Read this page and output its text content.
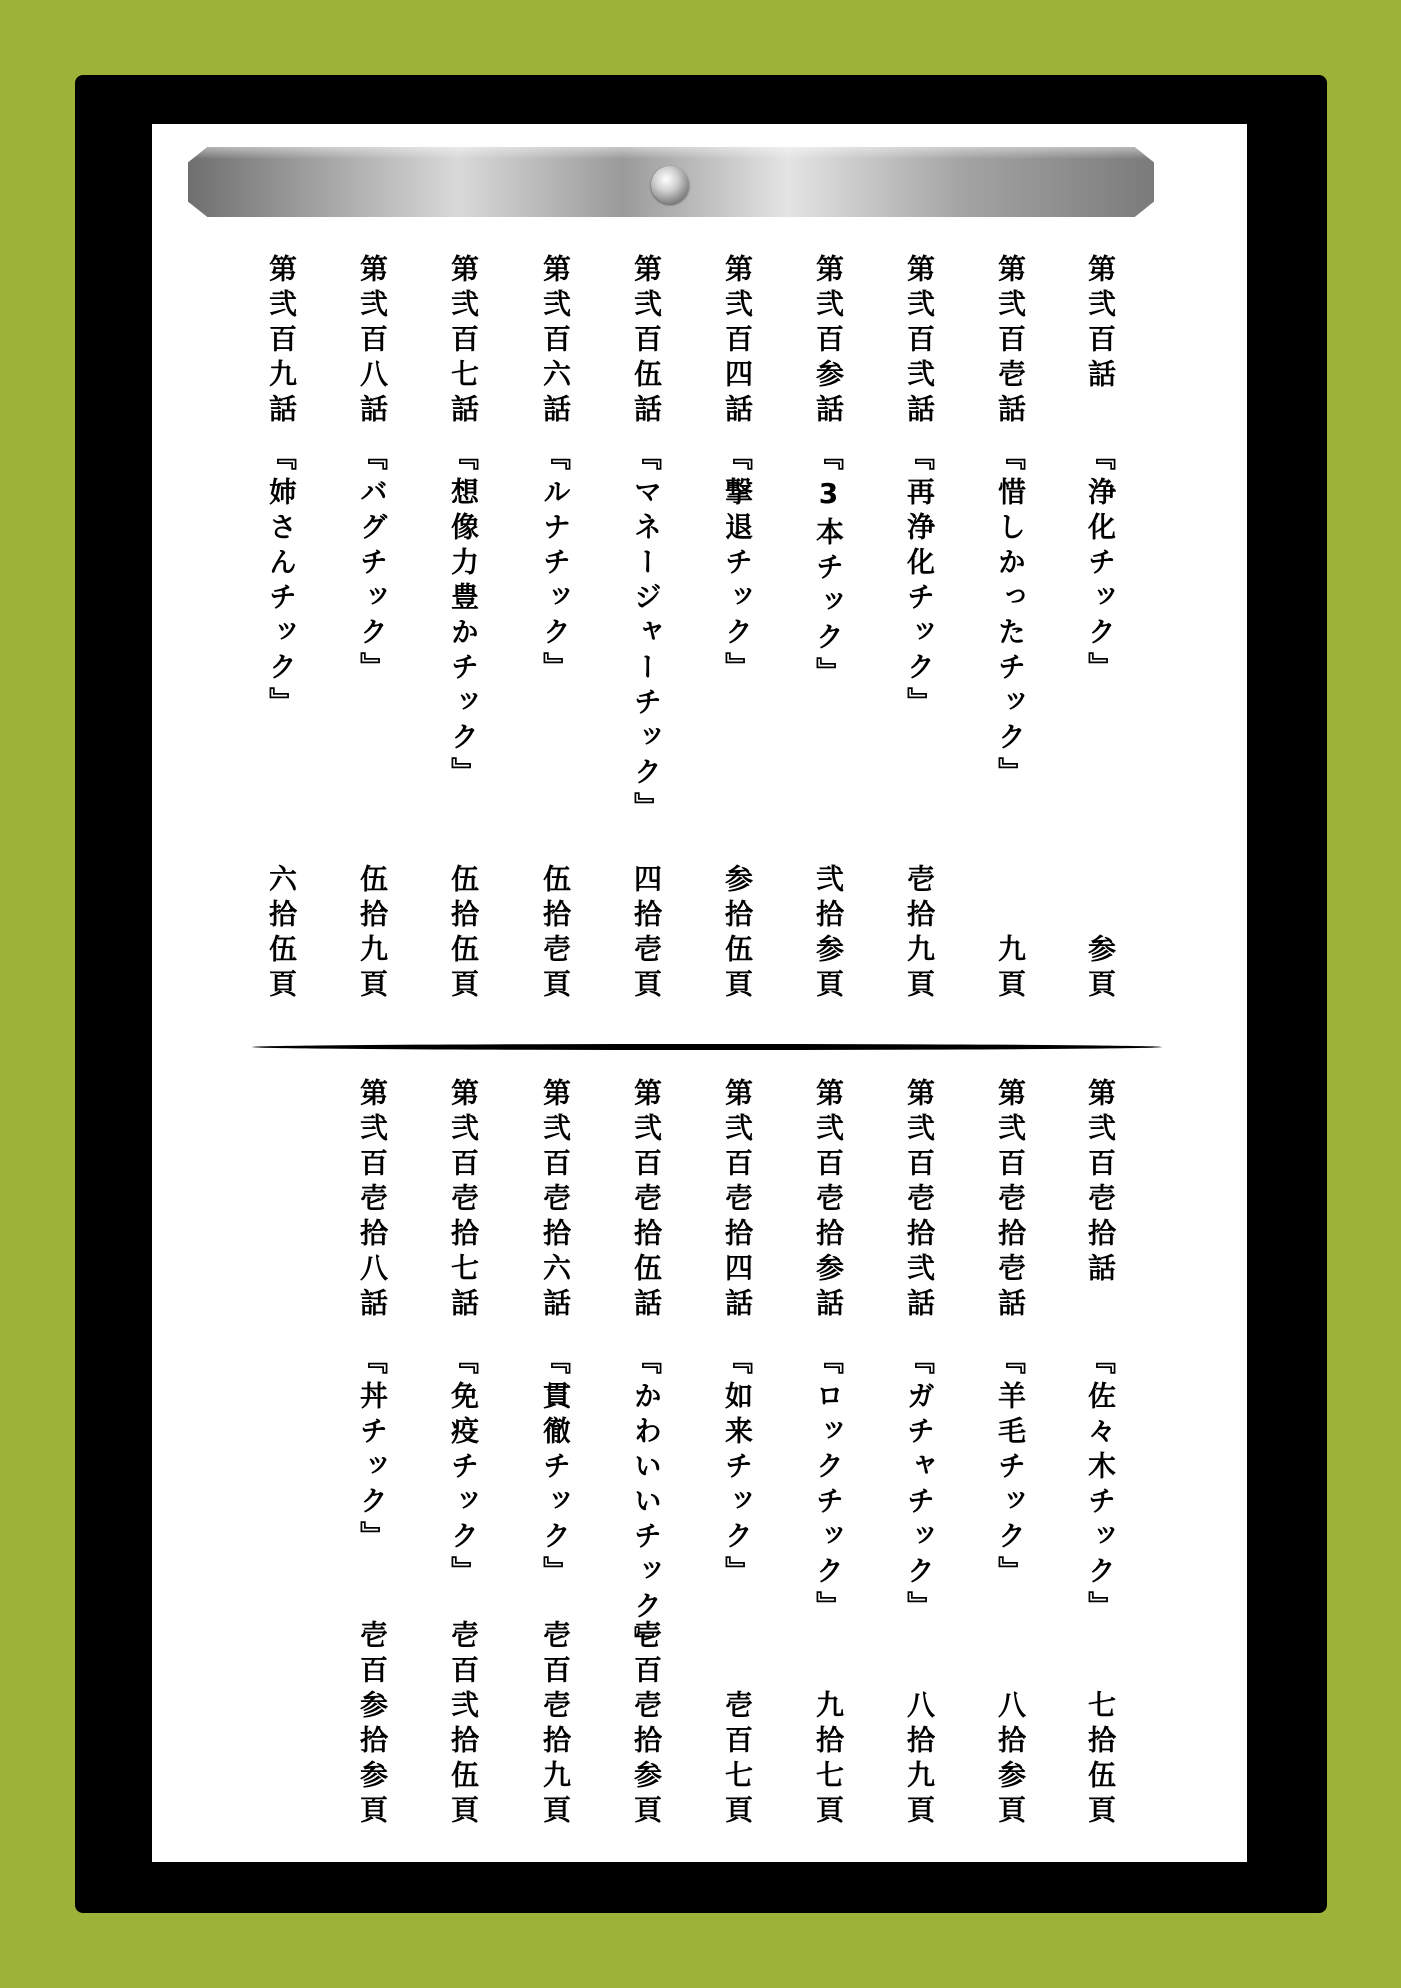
第弐百話
『浄化チック』
参頁
第弐百壱話
『惜しかったチック』
九頁
第弐百弐話
『再浄化チック』
壱拾九頁
第弐百参話
『3本チック』
弐拾参頁
第弐百四話
『撃退チック』
参拾伍頁
第弐百伍話
『マネージャーチック』
四拾壱頁
第弐百六話
『ルナチック』
伍拾壱頁
第弐百七話
『想像力豊かチック』
伍拾伍頁
第弐百八話
『バグチック』
伍拾九頁
第弐百九話
『姉さんチック』
六拾伍頁
第弐百壱拾話
『佐々木チック』
七拾伍頁
第弐百壱拾壱話
『羊毛チック』
八拾参頁
第弐百壱拾弐話
『ガチャチック』
八拾九頁
第弐百壱拾参話
『ロックチック』
九拾七頁
第弐百壱拾四話
『如来チック』
壱百七頁
第弐百壱拾伍話
『かわいいチック』
壱百壱拾参頁
第弐百壱拾六話
『貫徹チック』
壱百壱拾九頁
第弐百壱拾七話
『免疫チック』
壱百弐拾伍頁
第弐百壱拾八話
『丼チック』
壱百参拾参頁
